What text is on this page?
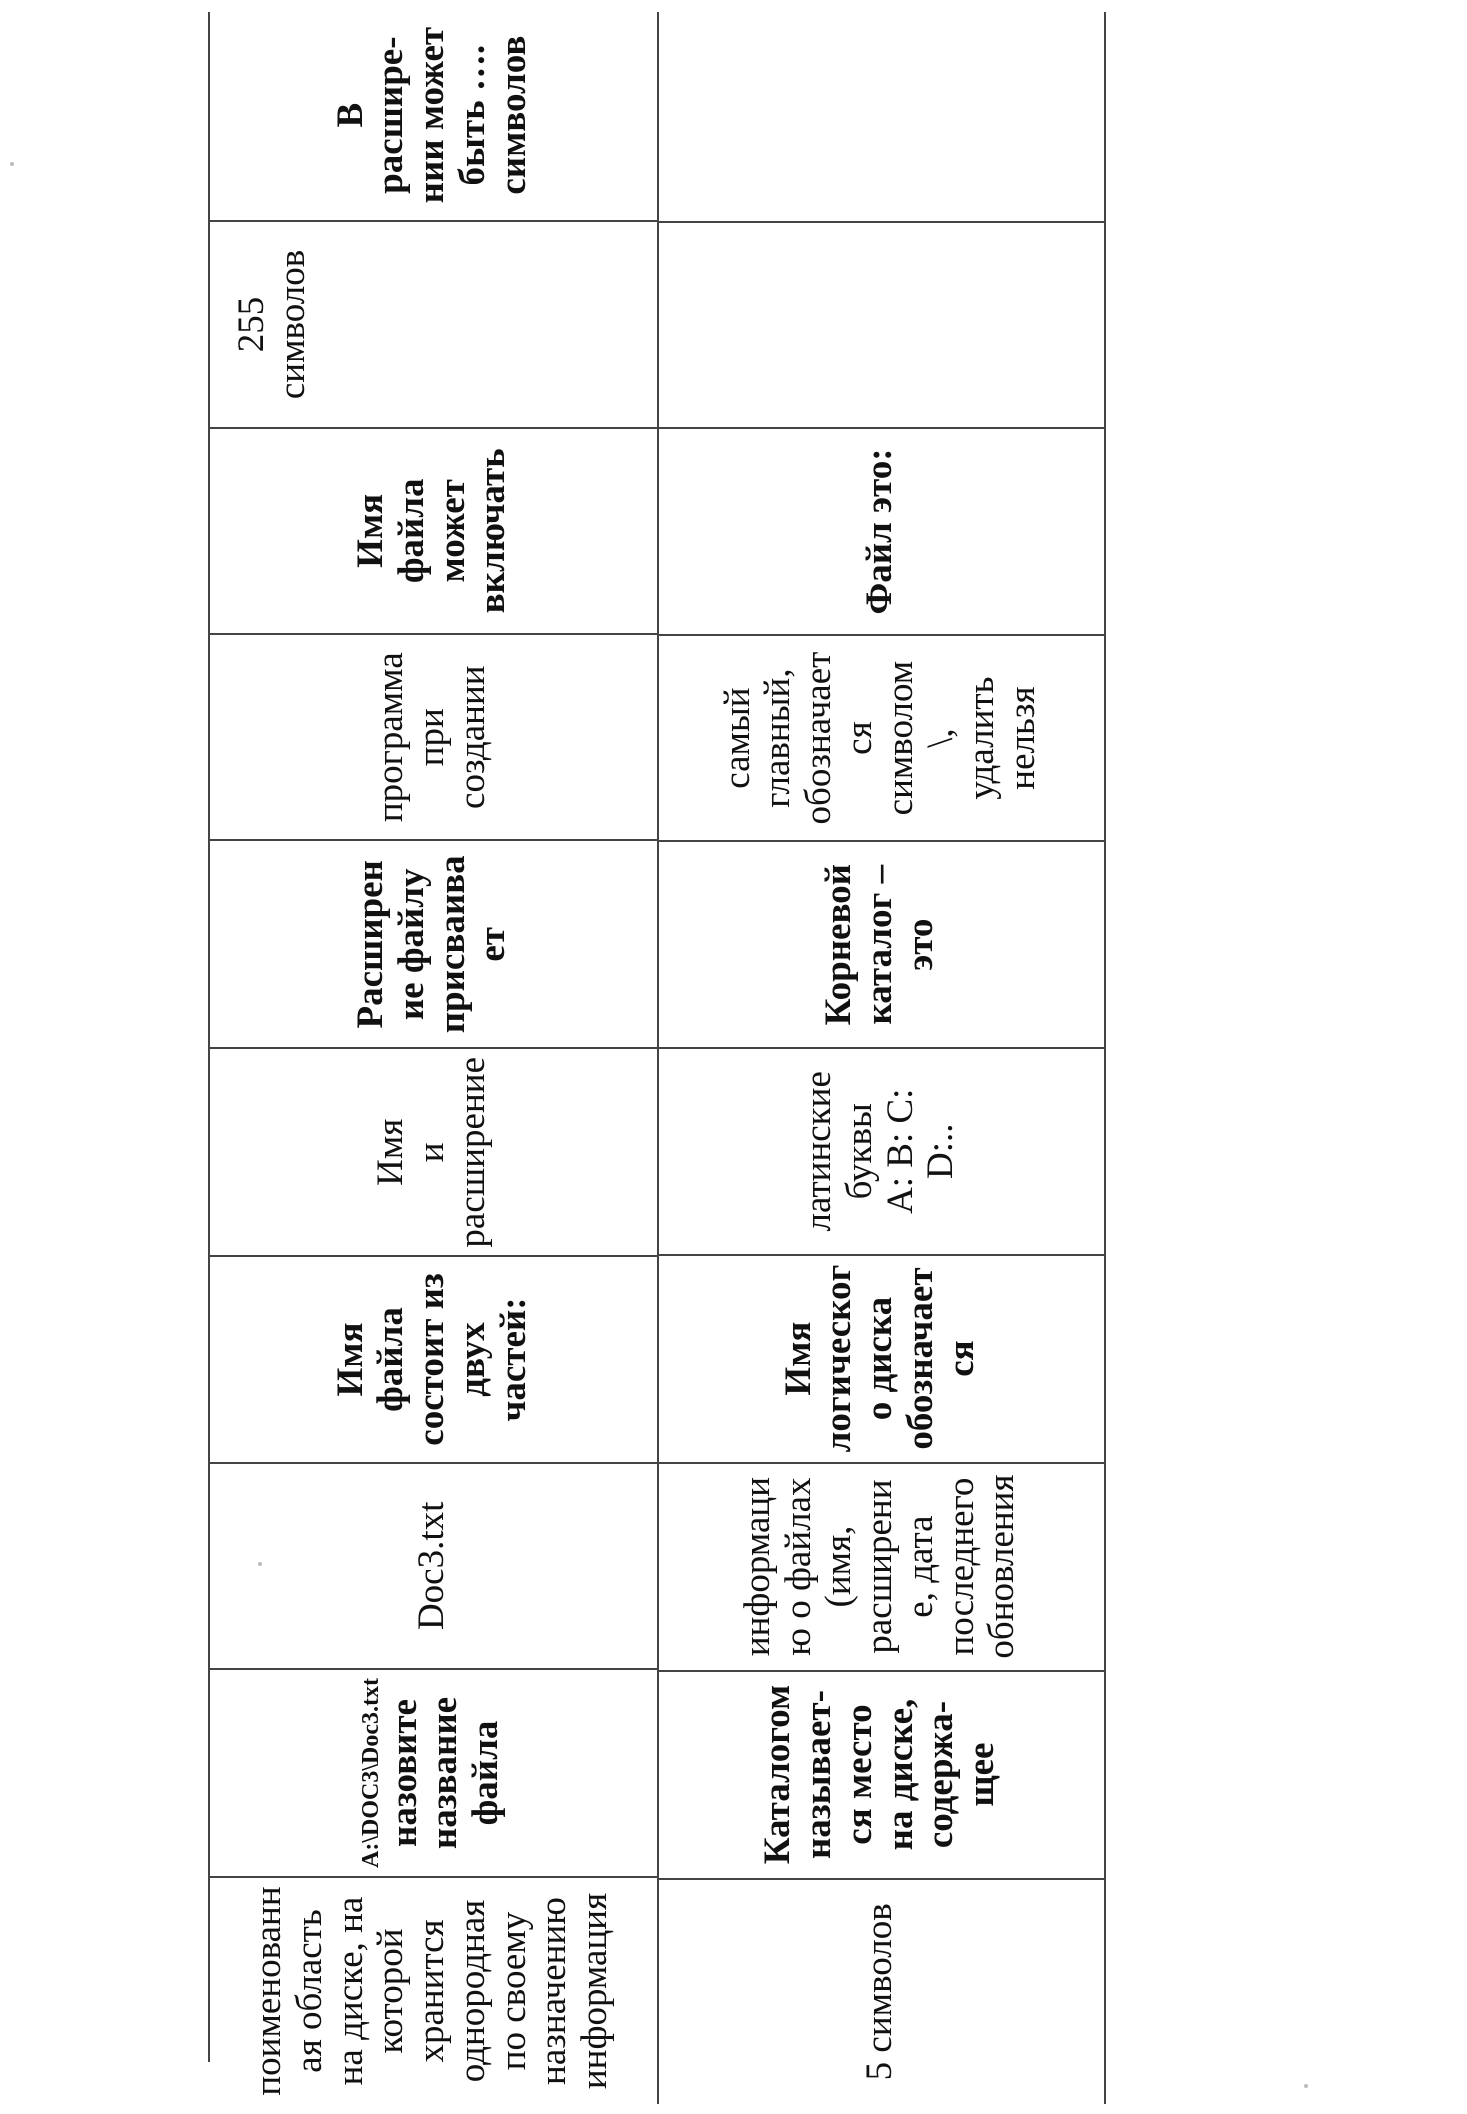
поименованн
ая область
на диске, на
которой
хранится
однородная
по своему
назначению
информация
A:\DOC3\Doc3.txt назовите
название
файла
Doc3.txt
Имя файла
состоит из
двух
частей:
Имя
и
расширение
Расширен
ие файлу
присваива
ет
программа
при
создании
Имя файла
может
включать
255
символов
В
расшире-
нии может
быть ….
символов
5 символов
Каталогом
называет-
ся место
на диске,
содержа-
щее
информаци
ю о файлах
(имя,
расширени
е, дата
последнего
обновления
Имя
логическог
о диска
обозначает
ся
латинские
буквы
А: В: С:
D:..
Корневой
каталог –
это
самый
главный,
обозначает
ся
символом \,
удалить
нельзя
Файл это:
